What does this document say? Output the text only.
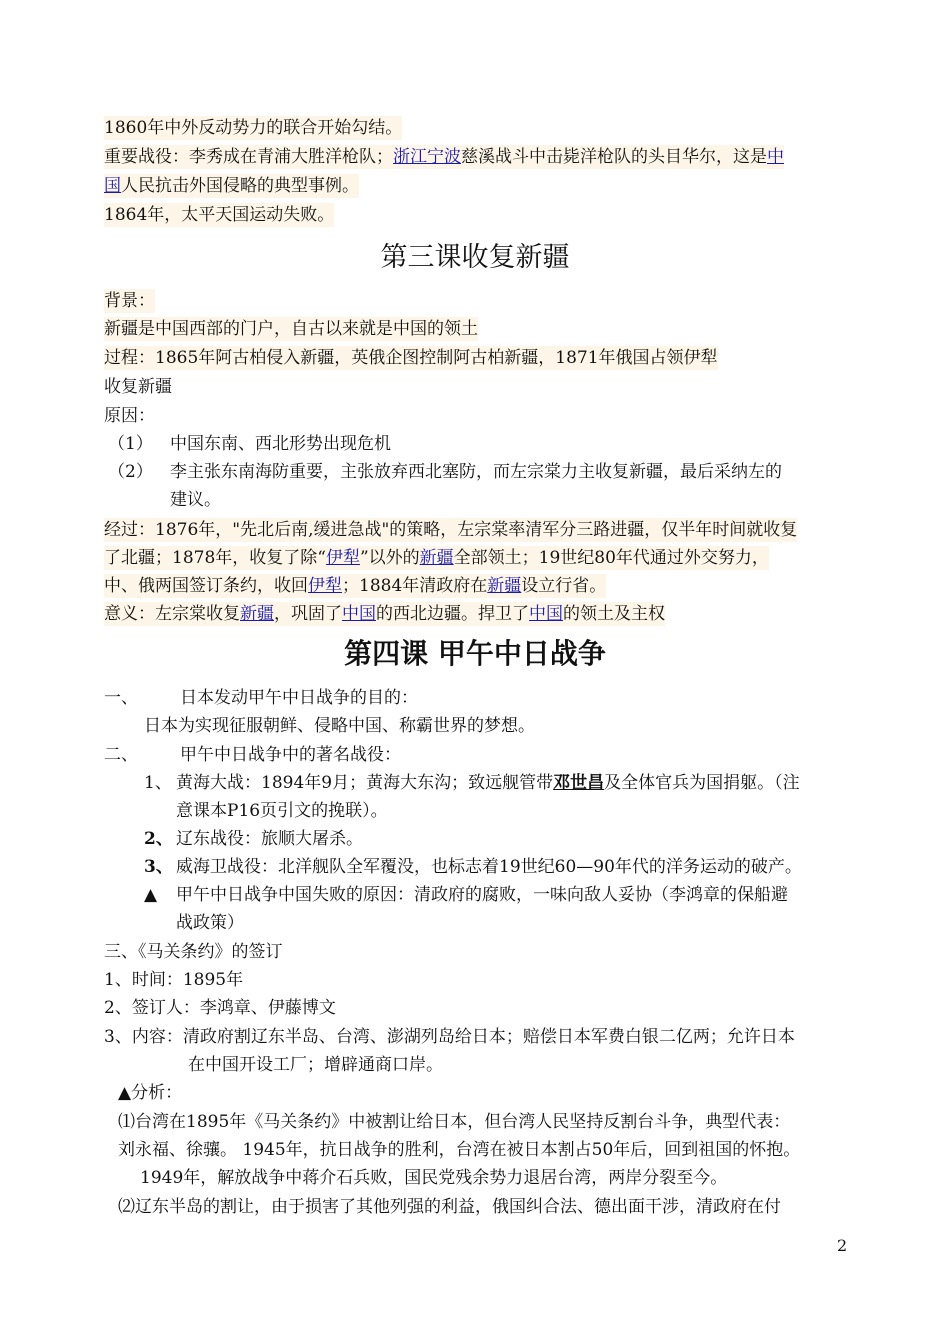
1860年中外反动势力的联合开始勾结。
重要战役：李秀成在青浦大胜洋枪队；浙江宁波慈溪战斗中击毙洋枪队的头目华尔，这是中
国人民抗击外国侵略的典型事例。
1864年，太平天国运动失败。
第三课收复新疆
背景：
新疆是中国西部的门户，自古以来就是中国的领土
过程：1865年阿古柏侵入新疆，英俄企图控制阿古柏新疆，1871年俄国占领伊犁
收复新疆
原因：
（1） 中国东南、西北形势出现危机
（2） 李主张东南海防重要，主张放弃西北塞防，而左宗棠力主收复新疆，最后采纳左的
建议。
经过：1876年，"先北后南,缓进急战"的策略，左宗棠率清军分三路进疆，仅半年时间就收复
了北疆；1878年，收复了除“伊犁”以外的新疆全部领土；19世纪80年代通过外交努力，
中、俄两国签订条约，收回伊犁；1884年清政府在新疆设立行省。
意义：左宗棠收复新疆，巩固了中国的西北边疆。捍卫了中国的领土及主权
第四课 甲午中日战争
一、 日本发动甲午中日战争的目的：
日本为实现征服朝鲜、侵略中国、称霸世界的梦想。
二、 甲午中日战争中的著名战役：
1、 黄海大战：1894年9月；黄海大东沟；致远舰管带邓世昌及全体官兵为国捐躯。（注
意课本P16页引文的挽联）。
2、 辽东战役：旅顺大屠杀。
3、 威海卫战役：北洋舰队全军覆没，也标志着19世纪60—90年代的洋务运动的破产。
▲ 甲午中日战争中国失败的原因：清政府的腐败，一味向敌人妥协（李鸿章的保船避
战政策）
三、《马关条约》的签订
1、时间：1895年
2、签订人：李鸿章、伊藤博文
3、内容：清政府割辽东半岛、台湾、澎湖列岛给日本；赔偿日本军费白银二亿两；允许日本
在中国开设工厂；增辟通商口岸。
▲分析：
⑴台湾在1895年《马关条约》中被割让给日本，但台湾人民坚持反割台斗争，典型代表：
刘永福、徐骧。 1945年，抗日战争的胜利，台湾在被日本割占50年后，回到祖国的怀抱。
1949年，解放战争中蒋介石兵败，国民党残余势力退居台湾，两岸分裂至今。
⑵辽东半岛的割让，由于损害了其他列强的利益，俄国纠合法、德出面干涉，清政府在付
2
